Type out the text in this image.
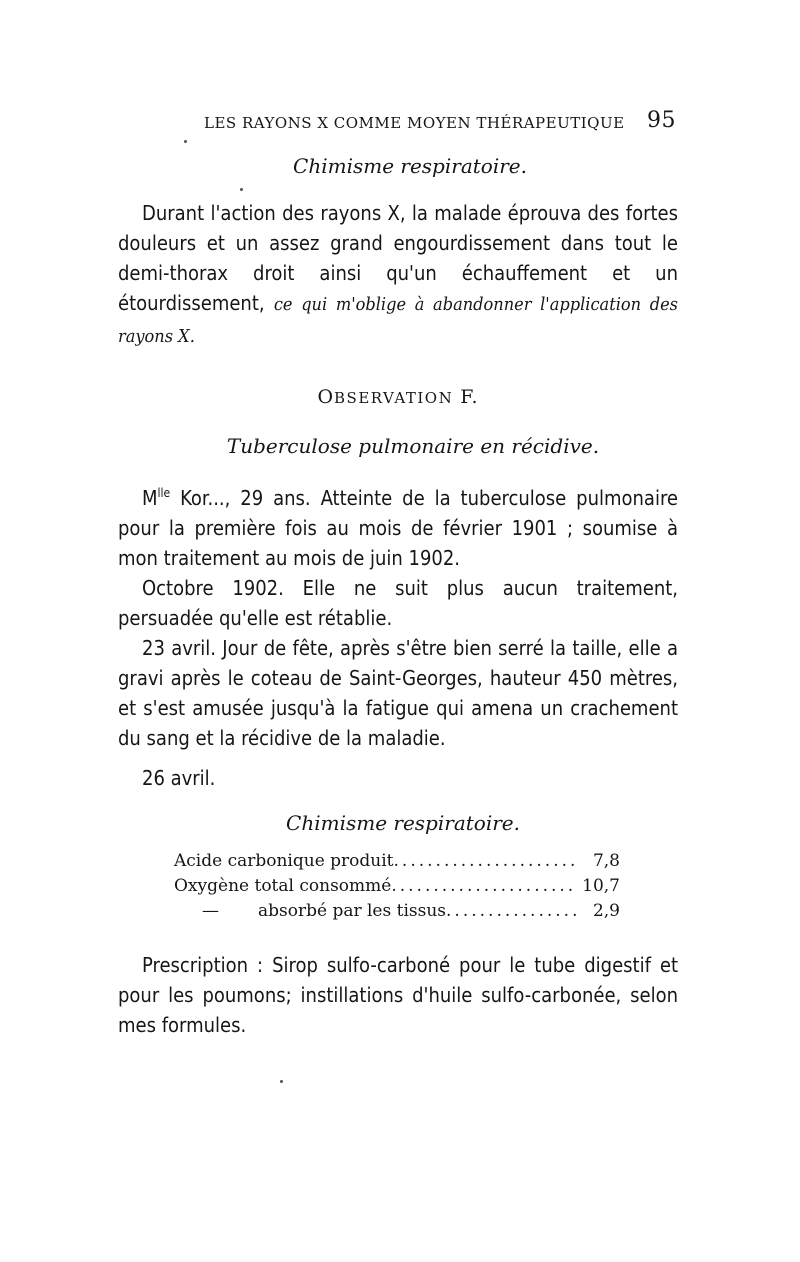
LES RAYONS X COMME MOYEN THÉRAPEUTIQUE 95

Chimisme respiratoire.

Durant l'action des rayons X, la malade éprouva des fortes douleurs et un assez grand engourdissement dans tout le demi-thorax droit ainsi qu'un échauffement et un étourdissement, ce qui m'oblige à abandonner l'application des rayons X.

OBSERVATION F.

Tuberculose pulmonaire en récidive.

$M^{lle}$ Kor..., 29 ans. Atteinte de la tuberculose pulmonaire pour la première fois au mois de février 1901 ; soumise à mon traitement au mois de juin 1902.

Octobre 1902. Elle ne suit plus aucun traitement, persuadée qu'elle est rétablie.

23 avril. Jour de fête, après s'être bien serré la taille, elle a gravi après le coteau de Saint-Georges, hauteur 450 mètres, et s'est amusée jusqu'à la fatigue qui amena un crachement du sang et la récidive de la maladie.

26 avril.

Chimisme respiratoire.

Acide carbonique produit .....	7,8
Oxygène total consommé .....	10,7
— absorbé par les tissus .....	2,9

Prescription : Sirop sulfo-carboné pour le tube digestif et pour les poumons; instillations d'huile sulfo-carbonée, selon mes formules.
